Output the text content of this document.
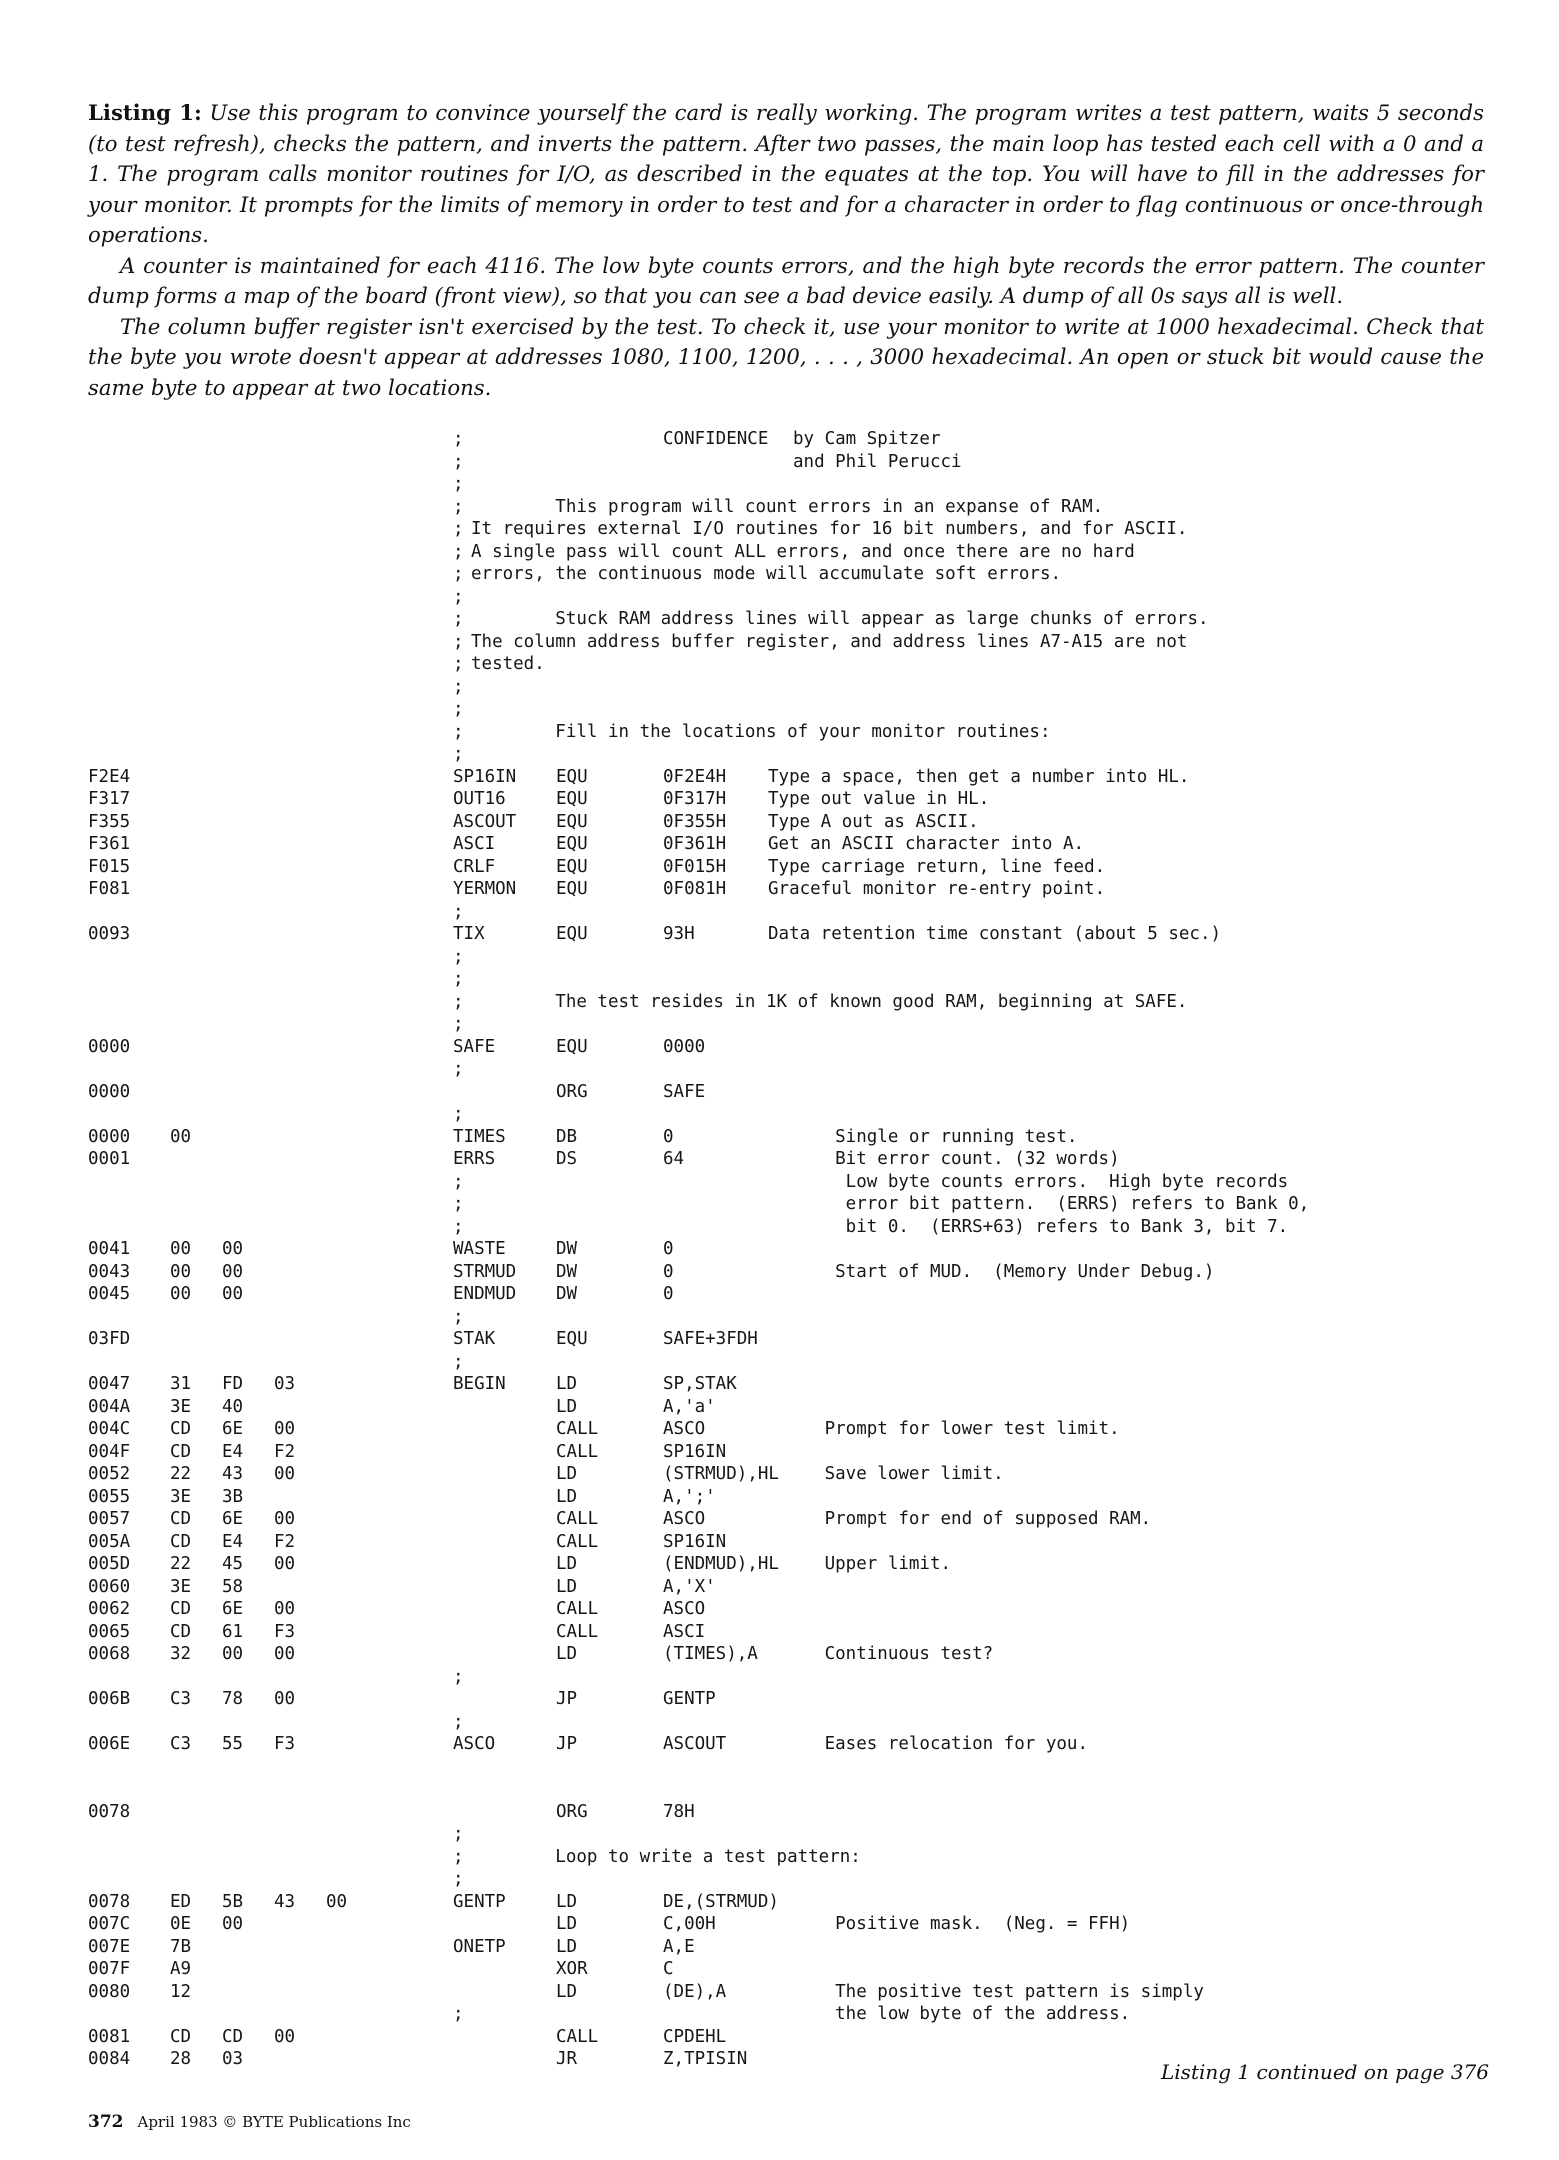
Listing 1: Use this program to convince yourself the card is really working. The program writes a test pattern, waits 5 seconds (to test refresh), checks the pattern, and inverts the pattern. After two passes, the main loop has tested each cell with a 0 and a 1. The program calls monitor routines for I/O, as described in the equates at the top. You will have to fill in the addresses for your monitor. It prompts for the limits of memory in order to test and for a character in order to flag continuous or once-through operations.

A counter is maintained for each 4116. The low byte counts errors, and the high byte records the error pattern. The counter dump forms a map of the board (front view), so that you can see a bad device easily. A dump of all 0s says all is well.

The column buffer register isn't exercised by the test. To check it, use your monitor to write at 1000 hexadecimal. Check that the byte you wrote doesn't appear at addresses 1080, 1100, 1200, . . . , 3000 hexadecimal. An open or stuck bit would cause the same byte to appear at two locations.

;	CONFIDENCE by Cam Spitzer
;	and Phil Perucci
;
; This program will count errors in an expanse of RAM.
; It requires external I/O routines for 16 bit numbers, and for ASCII.
; A single pass will count ALL errors, and once there are no hard
; errors, the continuous mode will accumulate soft errors.
;
; Stuck RAM address lines will appear as large chunks of errors.
; The column address buffer register, and address lines A7-A15 are not
; tested.
;
;
; Fill in the locations of your monitor routines:
;
F2E4	SP16IN EQU	0F2E4H Type a space, then get a number into HL.
F317	OUT16	EQU	0F317H Type out value in HL.
F355	ASCOUT EQU	0F355H Type A out as ASCII.
F361	ASCI	EQU	0F361H Get an ASCII character into A.
F015	CRLF	EQU	0F015H Type carriage return, line feed.
F081	YERMON EQU	0F081H Graceful monitor re-entry point.
;
0093	TIX	EQU	93H	Data retention time constant (about 5 sec.)
;
;
; The test resides in 1K of known good RAM, beginning at SAFE.
;
0000	SAFE	EQU	0000
;
0000	ORG	SAFE
;
0000 00	TIMES	DB	0	Single or running test.
0001	ERRS	DS	64	Bit error count. (32 words)
;	Low byte counts errors.  High byte records
;	error bit pattern.  (ERRS) refers to Bank 0,
;	bit 0.  (ERRS+63) refers to Bank 3, bit 7.
0041 00 00	WASTE	DW	0
0043 00 00	STRMUD DW	0	Start of MUD.  (Memory Under Debug.)
0045 00 00	ENDMUD DW	0
;
03FD	STAK	EQU	SAFE+3FDH
;
0047 31 FD 03	BEGIN	LD	SP,STAK
004A 3E 40	LD	A,'a'
004C CD 6E 00	CALL	ASCO	Prompt for lower test limit.
004F CD E4 F2	CALL	SP16IN
0052 22 43 00	LD	(STRMUD),HL Save lower limit.
0055 3E 3B	LD	A,';'
0057 CD 6E 00	CALL	ASCO	Prompt for end of supposed RAM.
005A CD E4 F2	CALL	SP16IN
005D 22 45 00	LD	(ENDMUD),HL Upper limit.
0060 3E 58	LD	A,'X'
0062 CD 6E 00	CALL	ASCO
0065 CD 61 F3	CALL	ASCI
0068 32 00 00	LD	(TIMES),A Continuous test?
;
006B C3 78 00	JP	GENTP
;
006E C3 55 F3	ASCO	JP	ASCOUT	Eases relocation for you.
0078	ORG	78H
;
; Loop to write a test pattern:
;
0078 ED 5B 43 00	GENTP	LD	DE,(STRMUD)
007C 0E 00	LD	C,00H	Positive mask.  (Neg. = FFH)
007E 7B	ONETP	LD	A,E
007F A9	XOR	C
0080 12	LD	(DE),A	The positive test pattern is simply
;	the low byte of the address.
0081 CD CD 00	CALL	CPDEHL
0084 28 03	JR	Z,TPISIN
Listing 1 continued on page 376
372 April 1983 © BYTE Publications Inc
